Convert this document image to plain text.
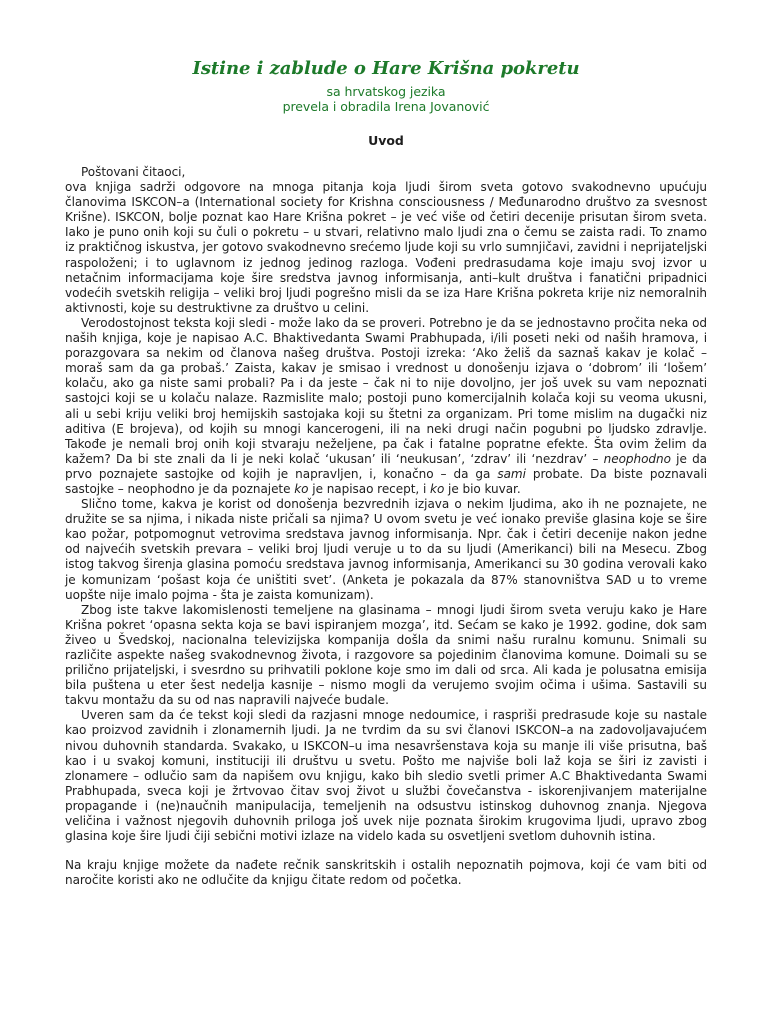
Istine i zablude o Hare Krišna pokretu

sa hrvatskog jezika

prevela i obradila Irena Jovanović

Uvod

Poštovani čitaoci,

ova knjiga sadrži odgovore na mnoga pitanja koja ljudi širom sveta gotovo svakodnevno upućuju članovima ISKCON–a (International society for Krishna consciousness / Međunarodno društvo za svesnost Krišne). ISKCON, bolje poznat kao Hare Krišna pokret – je već više od četiri decenije prisutan širom sveta. Iako je puno onih koji su čuli o pokretu – u stvari, relativno malo ljudi zna o čemu se zaista radi. To znamo iz praktičnog iskustva, jer gotovo svakodnevno srećemo ljude koji su vrlo sumnjičavi, zavidni i neprijateljski raspoloženi; i to uglavnom iz jednog jedinog razloga. Vođeni predrasudama koje imaju svoj izvor u netačnim informacijama koje šire sredstva javnog informisanja, anti–kult društva i fanatični pripadnici vodećih svetskih religija – veliki broj ljudi pogrešno misli da se iza Hare Krišna pokreta krije niz nemoralnih aktivnosti, koje su destruktivne za društvo u celini.

Verodostojnost teksta koji sledi - može lako da se proveri. Potrebno je da se jednostavno pročita neka od naših knjiga, koje je napisao A.C. Bhaktivedanta Swami Prabhupada, i/ili poseti neki od naših hramova, i porazgovara sa nekim od članova našeg društva. Postoji izreka: ‘Ako želiš da saznaš kakav je kolač – moraš sam da ga probaš.’ Zaista, kakav je smisao i vrednost u donošenju izjava o ‘dobrom’ ili ‘lošem’ kolaču, ako ga niste sami probali? Pa i da jeste – čak ni to nije dovoljno, jer još uvek su vam nepoznati sastojci koji se u kolaču nalaze. Razmislite malo; postoji puno komercijalnih kolača koji su veoma ukusni, ali u sebi kriju veliki broj hemijskih sastojaka koji su štetni za organizam. Pri tome mislim na dugački niz aditiva (E brojeva), od kojih su mnogi kancerogeni, ili na neki drugi način pogubni po ljudsko zdravlje. Takođe je nemali broj onih koji stvaraju neželjene, pa čak i fatalne popratne efekte. Šta ovim želim da kažem? Da bi ste znali da li je neki kolač ‘ukusan’ ili ‘neukusan’, ‘zdrav’ ili ‘nezdrav’ – neophodno je da prvo poznajete sastojke od kojih je napravljen, i, konačno – da ga sami probate. Da biste poznavali sastojke – neophodno je da poznajete ko je napisao recept, i ko je bio kuvar.

Slično tome, kakva je korist od donošenja bezvrednih izjava o nekim ljudima, ako ih ne poznajete, ne družite se sa njima, i nikada niste pričali sa njima? U ovom svetu je već ionako previše glasina koje se šire kao požar, potpomognut vetrovima sredstava javnog informisanja. Npr. čak i četiri decenije nakon jedne od najvećih svetskih prevara – veliki broj ljudi veruje u to da su ljudi (Amerikanci) bili na Mesecu. Zbog istog takvog širenja glasina pomoću sredstava javnog informisanja, Amerikanci su 30 godina verovali kako je komunizam ‘pošast koja će uništiti svet’. (Anketa je pokazala da 87% stanovništva SAD u to vreme uopšte nije imalo pojma - šta je zaista komunizam).

Zbog iste takve lakomislenosti temeljene na glasinama – mnogi ljudi širom sveta veruju kako je Hare Krišna pokret ‘opasna sekta koja se bavi ispiranjem mozga’, itd. Sećam se kako je 1992. godine, dok sam živeo u Švedskoj, nacionalna televizijska kompanija došla da snimi našu ruralnu komunu. Snimali su različite aspekte našeg svakodnevnog života, i razgovore sa pojedinim članovima komune. Doimali su se prilično prijateljski, i svesrdno su prihvatili poklone koje smo im dali od srca. Ali kada je polusatna emisija bila puštena u eter šest nedelja kasnije – nismo mogli da verujemo svojim očima i ušima. Sastavili su takvu montažu da su od nas napravili najveće budale.

Uveren sam da će tekst koji sledi da razjasni mnoge nedoumice, i raspriši predrasude koje su nastale kao proizvod zavidnih i zlonamernih ljudi. Ja ne tvrdim da su svi članovi ISKCON–a na zadovoljavajućem nivou duhovnih standarda. Svakako, u ISKCON–u ima nesavršenstava koja su manje ili više prisutna, baš kao i u svakoj komuni, instituciji ili društvu u svetu. Pošto me najviše boli laž koja se širi iz zavisti i zlonamere – odlučio sam da napišem ovu knjigu, kako bih sledio svetli primer A.C Bhaktivedanta Swami Prabhupada, sveca koji je žrtvovao čitav svoj život u službi čovečanstva - iskorenjivanjem materijalne propagande i (ne)naučnih manipulacija, temeljenih na odsustvu istinskog duhovnog znanja. Njegova veličina i važnost njegovih duhovnih priloga još uvek nije poznata širokim krugovima ljudi, upravo zbog glasina koje šire ljudi čiji sebični motivi izlaze na videlo kada su osvetljeni svetlom duhovnih istina.

Na kraju knjige možete da nađete rečnik sanskritskih i ostalih nepoznatih pojmova, koji će vam biti od naročite koristi ako ne odlučite da knjigu čitate redom od početka.
